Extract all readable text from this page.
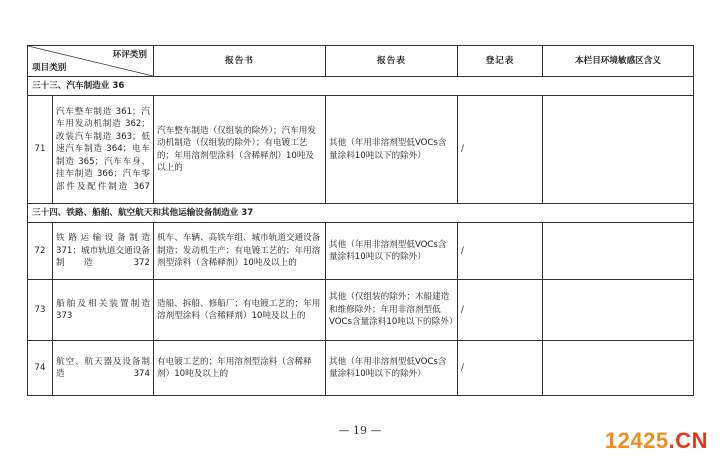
环评类别
项目类别		报告书	报告表	登记表	本栏目环境敏感区含义
三十三、汽车制造业 36					
71	汽车整车制造 361；汽车用发动机制造 362；改装汽车制造 363；低速汽车制造 364；电车制造 365；汽车车身、挂车制造 366；汽车零部件及配件制造 367	汽车整车制造（仅组装的除外）；汽车用发动机制造（仅组装的除外）；有电镀工艺的；年用溶剂型涂料（含稀释剂）10吨及以上的	其他（年用非溶剂型低VOCs含量涂料10吨以下的除外）	/	
三十四、铁路、船舶、航空航天和其他运输设备制造业 37					
72	铁路运输设备制造 371；城市轨道交通设备制造 372	机车、车辆、高铁车组、城市轨道交通设备制造；发动机生产；有电镀工艺的；年用溶剂型涂料（含稀释剂）10吨及以上的	其他（年用非溶剂型低VOCs含量涂料10吨以下的除外）	/	
73	船舶及相关装置制造 373	造船、拆船、修船厂；有电镀工艺的；年用溶剂型涂料（含稀释剂）10吨及以上的	其他（仅组装的除外；木船建造和维修除外；年用非溶剂型低VOCs含量涂料10吨以下的除外）	/	
74	航空、航天器及设备制造 374	有电镀工艺的；年用溶剂型涂料（含稀释剂）10吨及以上的	其他（年用非溶剂型低VOCs含量涂料10吨以下的除外）	/	
— 19 —	12425.CN
